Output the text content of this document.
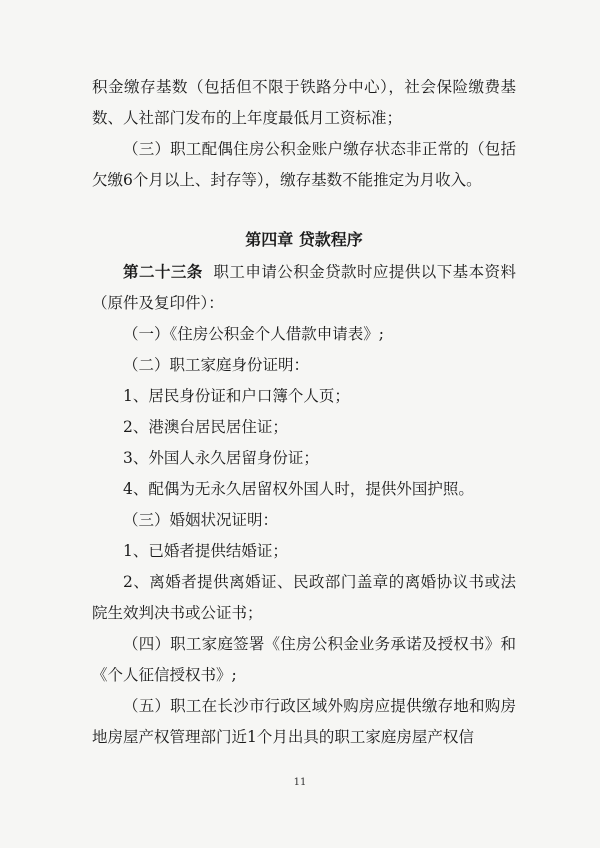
积金缴存基数（包括但不限于铁路分中心），社会保险缴费基数、人社部门发布的上年度最低月工资标准；

（三）职工配偶住房公积金账户缴存状态非正常的（包括欠缴6个月以上、封存等），缴存基数不能推定为月收入。

第四章 贷款程序

第二十三条 职工申请公积金贷款时应提供以下基本资料（原件及复印件）：

（一）《住房公积金个人借款申请表》;

（二）职工家庭身份证明：

1、居民身份证和户口簿个人页；

2、港澳台居民居住证；

3、外国人永久居留身份证；

4、配偶为无永久居留权外国人时，提供外国护照。

（三）婚姻状况证明：

1、已婚者提供结婚证；

2、离婚者提供离婚证、民政部门盖章的离婚协议书或法院生效判决书或公证书；

（四）职工家庭签署《住房公积金业务承诺及授权书》和《个人征信授权书》;

（五）职工在长沙市行政区域外购房应提供缴存地和购房地房屋产权管理部门近1个月出具的职工家庭房屋产权信

11
